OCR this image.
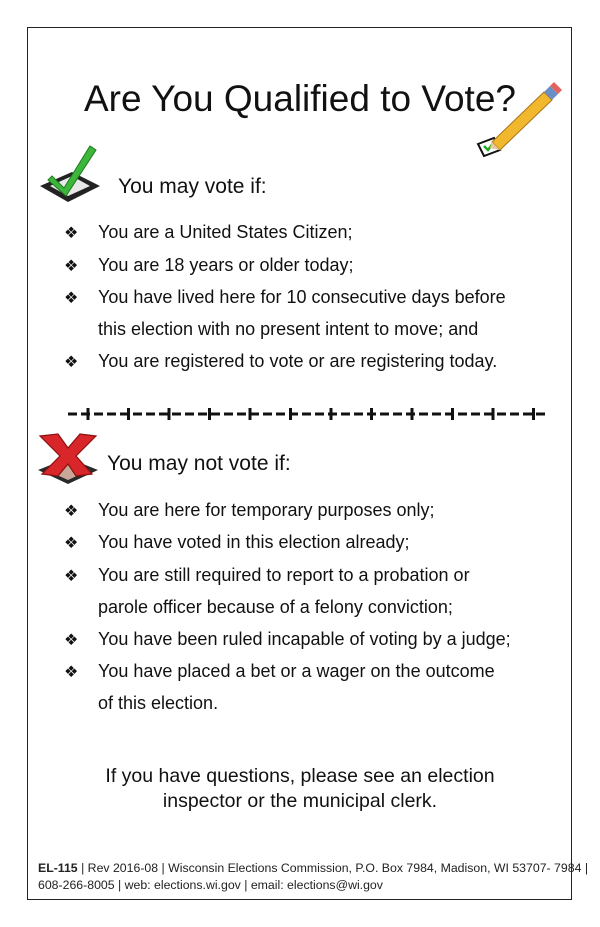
Are You Qualified to Vote?
You may vote if:
❖ You are a United States Citizen;
❖ You are 18 years or older today;
❖ You have lived here for 10 consecutive days before
this election with no present intent to move; and
❖ You are registered to vote or are registering today.
You may not vote if:
❖ You are here for temporary purposes only;
❖ You have voted in this election already;
❖ You are still required to report to a probation or
parole officer because of a felony conviction;
❖ You have been ruled incapable of voting by a judge;
❖ You have placed a bet or a wager on the outcome
of this election.
If you have questions, please see an election
inspector or the municipal clerk.
EL-115 | Rev 2016-08 | Wisconsin Elections Commission, P.O. Box 7984, Madison, WI 53707- 7984 |
608-266-8005 | web: elections.wi.gov | email: elections@wi.gov
